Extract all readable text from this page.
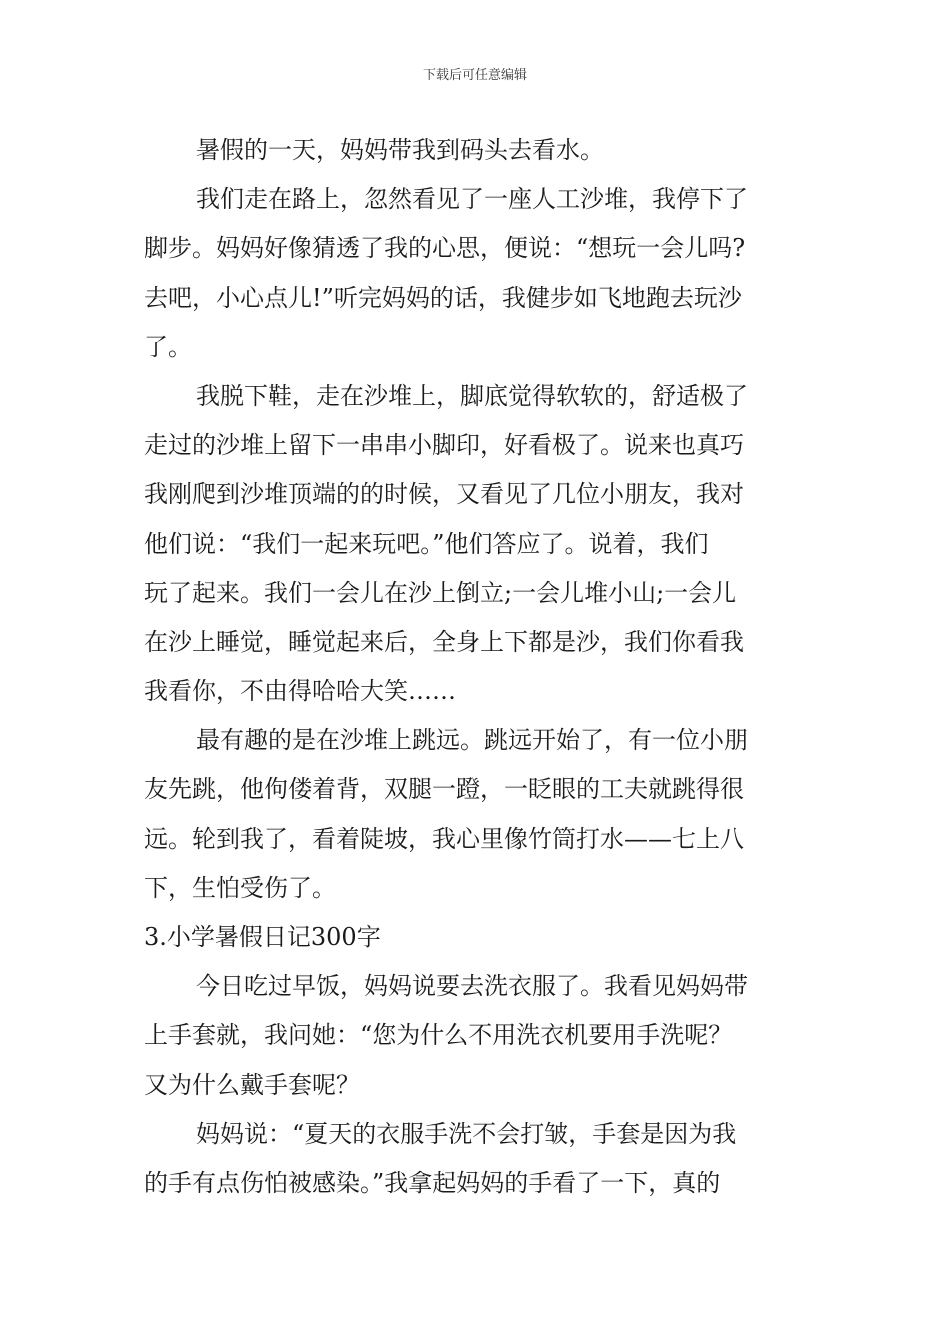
下载后可任意编辑
暑假的一天，妈妈带我到码头去看水。
我们走在路上，忽然看见了一座人工沙堆，我停下了
脚步。妈妈好像猜透了我的心思，便说：“想玩一会儿吗?
去吧，小心点儿!”听完妈妈的话，我健步如飞地跑去玩沙
了。
我脱下鞋，走在沙堆上，脚底觉得软软的，舒适极了
走过的沙堆上留下一串串小脚印，好看极了。说来也真巧
我刚爬到沙堆顶端的的时候，又看见了几位小朋友，我对
他们说：“我们一起来玩吧。”他们答应了。说着，我们
玩了起来。我们一会儿在沙上倒立;一会儿堆小山;一会儿
在沙上睡觉，睡觉起来后，全身上下都是沙，我们你看我
我看你，不由得哈哈大笑……
最有趣的是在沙堆上跳远。跳远开始了，有一位小朋
友先跳，他佝偻着背，双腿一蹬，一眨眼的工夫就跳得很
远。轮到我了，看着陡坡，我心里像竹筒打水——七上八
下，生怕受伤了。
3.小学暑假日记300字
今日吃过早饭，妈妈说要去洗衣服了。我看见妈妈带
上手套就，我问她：“您为什么不用洗衣机要用手洗呢？
又为什么戴手套呢？
妈妈说：“夏天的衣服手洗不会打皱，手套是因为我
的手有点伤怕被感染。”我拿起妈妈的手看了一下，真的
